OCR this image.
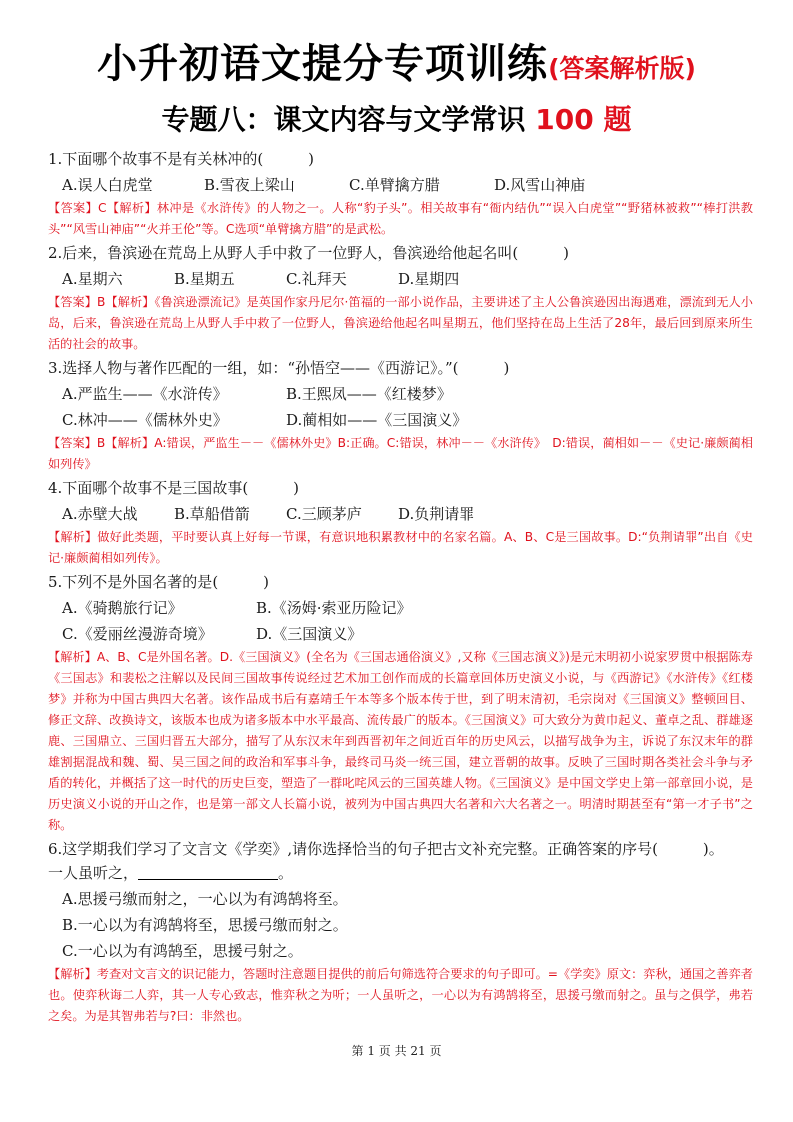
小升初语文提分专项训练(答案解析版)
专题八：课文内容与文学常识 100 题
1.下面哪个故事不是有关林冲的(　　　)
A.误人白虎堂	B.雪夜上梁山	C.单臂擒方腊	D.风雪山神庙
【答案】C【解析】林冲是《水浒传》的人物之一。人称“豹子头”。相关故事有“衙内结仇”“误入白虎堂”“野猪林被救”“棒打洪教头”“风雪山神庙”“火并王伦”等。C选项“单臂擒方腊”的是武松。
2.后来，鲁滨逊在荒岛上从野人手中救了一位野人，鲁滨逊给他起名叫(　　　)
A.星期六	B.星期五	C.礼拜天	D.星期四
【答案】B【解析】《鲁滨逊漂流记》是英国作家丹尼尔·笛福的一部小说作品，主要讲述了主人公鲁滨逊因出海遇难，漂流到无人小岛，后来，鲁滨逊在荒岛上从野人手中救了一位野人，鲁滨逊给他起名叫星期五，他们坚持在岛上生活了28年，最后回到原来所生活的社会的故事。
3.选择人物与著作匹配的一组，如：“孙悟空——《西游记》。”(　　　)
A.严监生——《水浒传》	B.王熙凤——《红楼梦》
C.林冲——《儒林外史》	D.蔺相如——《三国演义》
【答案】B【解析】A:错误，严监生－－《儒林外史》B:正确。C:错误，林冲－－《水浒传》　D:错误，蔺相如－－《史记·廉颇蔺相如列传》
4.下面哪个故事不是三国故事(　　　)
A.赤壁大战 B.草船借箭 C.三顾茅庐 D.负荆请罪
【解析】做好此类题，平时要认真上好每一节课，有意识地积累教材中的名家名篇。A、B、C是三国故事。D:“负荆请罪”出自《史记·廉颇蔺相如列传》。
5.下列不是外国名著的是(　　　)
A.《骑鹅旅行记》	B.《汤姆·索亚历险记》
C.《爱丽丝漫游奇境》	D.《三国演义》
【解析】A、B、C是外国名著。D.《三国演义》(全名为《三国志通俗演义》,又称《三国志演义》)是元末明初小说家罗贯中根据陈寿《三国志》和裴松之注解以及民间三国故事传说经过艺术加工创作而成的长篇章回体历史演义小说，与《西游记》《水浒传》《红楼梦》并称为中国古典四大名著。该作品成书后有嘉靖壬午本等多个版本传于世，到了明末清初，毛宗岗对《三国演义》整顿回目、修正文辞、改换诗文，该版本也成为诸多版本中水平最高、流传最广的版本。《三国演义》可大致分为黄巾起义、董卓之乱、群雄逐鹿、三国鼎立、三国归晋五大部分，描写了从东汉末年到西晋初年之间近百年的历史风云，以描写战争为主，诉说了东汉末年的群雄割据混战和魏、蜀、吴三国之间的政治和军事斗争，最终司马炎一统三国，建立晋朝的故事。反映了三国时期各类社会斗争与矛盾的转化，并概括了这一时代的历史巨变，塑造了一群叱咤风云的三国英雄人物。《三国演义》是中国文学史上第一部章回小说，是历史演义小说的开山之作，也是第一部文人长篇小说，被列为中国古典四大名著和六大名著之一。明清时期甚至有“第一才子书”之称。
6.这学期我们学习了文言文《学奕》,请你选择恰当的句子把古文补充完整。正确答案的序号(　　　)。
一人虽听之，	。
A.思援弓缴而射之，一心以为有鸿鹄将至。
B.一心以为有鸿鹄将至，思援弓缴而射之。
C.一心以为有鸿鹄至，思援弓射之。
【解析】考查对文言文的识记能力，答题时注意题目提供的前后句筛选符合要求的句子即可。=《学奕》原文：弈秋，通国之善弈者也。使弈秋诲二人弈，其一人专心致志，惟弈秋之为听；一人虽听之，一心以为有鸿鹄将至，思援弓缴而射之。虽与之俱学，弗若之矣。为是其智弗若与?曰：非然也。
第 1 页 共 21 页
